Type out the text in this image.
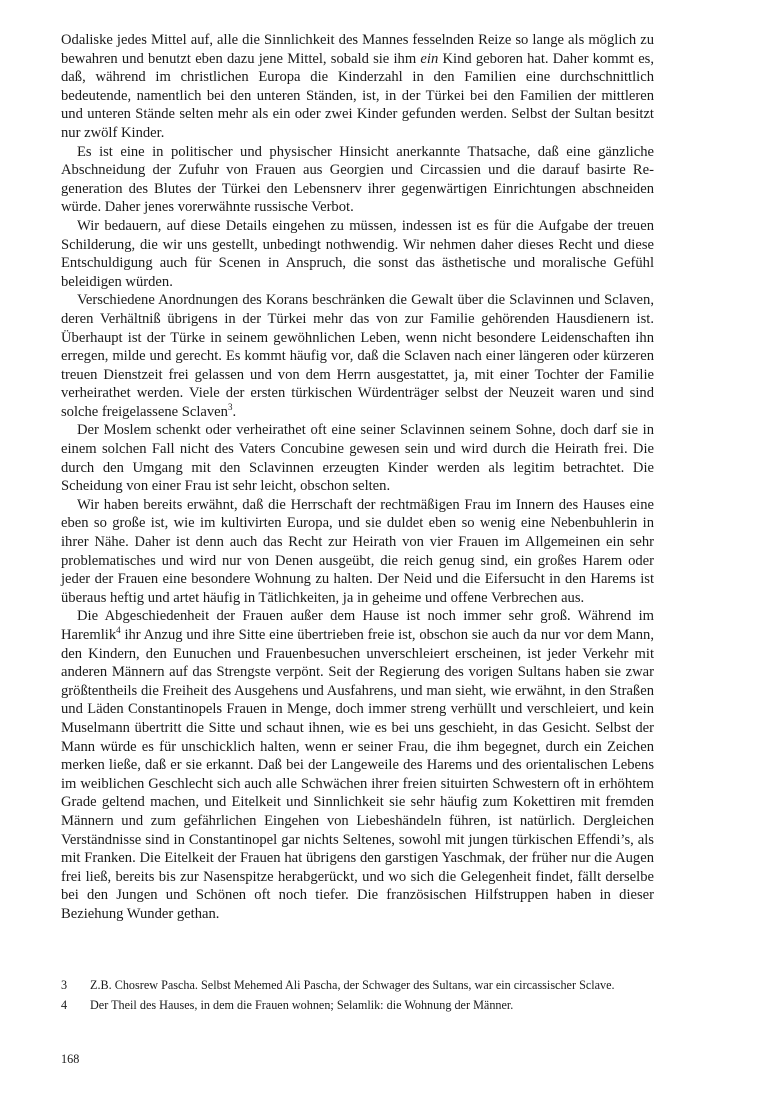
Odaliske jedes Mittel auf, alle die Sinnlichkeit des Mannes fesselnden Reize so lange als möglich zu bewahren und benutzt eben dazu jene Mittel, sobald sie ihm ein Kind geboren hat. Daher kommt es, daß, während im christlichen Europa die Kinderzahl in den Familien eine durchschnittlich bedeutende, namentlich bei den unteren Ständen, ist, in der Türkei bei den Familien der mittleren und unteren Stände selten mehr als ein oder zwei Kinder gefunden werden. Selbst der Sultan besitzt nur zwölf Kinder.

Es ist eine in politischer und physischer Hinsicht anerkannte Thatsache, daß eine gänzliche Abschneidung der Zufuhr von Frauen aus Georgien und Circassien und die darauf basirte Regeneration des Blutes der Türkei den Lebensnerv ihrer gegenwärtigen Einrichtungen abschneiden würde. Daher jenes vorerwähnte russische Verbot.

Wir bedauern, auf diese Details eingehen zu müssen, indessen ist es für die Aufgabe der treuen Schilderung, die wir uns gestellt, unbedingt nothwendig. Wir nehmen daher dieses Recht und diese Entschuldigung auch für Scenen in Anspruch, die sonst das ästhetische und moralische Gefühl beleidigen würden.

Verschiedene Anordnungen des Korans beschränken die Gewalt über die Sclavinnen und Sclaven, deren Verhältniß übrigens in der Türkei mehr das von zur Familie gehörenden Hausdienern ist. Überhaupt ist der Türke in seinem gewöhnlichen Leben, wenn nicht besondere Leidenschaften ihn erregen, milde und gerecht. Es kommt häufig vor, daß die Sclaven nach einer längeren oder kürzeren treuen Dienstzeit frei gelassen und von dem Herrn ausgestattet, ja, mit einer Tochter der Familie verheirathet werden. Viele der ersten türkischen Würdenträger selbst der Neuzeit waren und sind solche freigelassene Sclaven$^3$.

Der Moslem schenkt oder verheirathet oft eine seiner Sclavinnen seinem Sohne, doch darf sie in einem solchen Fall nicht des Vaters Concubine gewesen sein und wird durch die Heirath frei. Die durch den Umgang mit den Sclavinnen erzeugten Kinder werden als legitim betrachtet. Die Scheidung von einer Frau ist sehr leicht, obschon selten.

Wir haben bereits erwähnt, daß die Herrschaft der rechtmäßigen Frau im Innern des Hauses eine eben so große ist, wie im kultivirten Europa, und sie duldet eben so wenig eine Nebenbuhlerin in ihrer Nähe. Daher ist denn auch das Recht zur Heirath von vier Frauen im Allgemeinen ein sehr problematisches und wird nur von Denen ausgeübt, die reich genug sind, ein großes Harem oder jeder der Frauen eine besondere Wohnung zu halten. Der Neid und die Eifersucht in den Harems ist überaus heftig und artet häufig in Tätlichkeiten, ja in geheime und offene Verbrechen aus.

Die Abgeschiedenheit der Frauen außer dem Hause ist noch immer sehr groß. Während im Haremlik$^4$ ihr Anzug und ihre Sitte eine übertrieben freie ist, obschon sie auch da nur vor dem Mann, den Kindern, den Eunuchen und Frauenbesuchen unverschleiert erscheinen, ist jeder Verkehr mit anderen Männern auf das Strengste verpönt. Seit der Regierung des vorigen Sultans haben sie zwar größtentheils die Freiheit des Ausgehens und Ausfahrens, und man sieht, wie erwähnt, in den Straßen und Läden Constantinopels Frauen in Menge, doch immer streng verhüllt und verschleiert, und kein Muselmann übertritt die Sitte und schaut ihnen, wie es bei uns geschieht, in das Gesicht. Selbst der Mann würde es für unschicklich halten, wenn er seiner Frau, die ihm begegnet, durch ein Zeichen merken ließe, daß er sie erkannt. Daß bei der Langeweile des Harems und des orientalischen Lebens im weiblichen Geschlecht sich auch alle Schwächen ihrer freien situirten Schwestern oft in erhöhtem Grade geltend machen, und Eitelkeit und Sinnlichkeit sie sehr häufig zum Kokettiren mit fremden Männern und zum gefährlichen Eingehen von Liebeshändeln führen, ist natürlich. Dergleichen Verständnisse sind in Constantinopel gar nichts Seltenes, sowohl mit jungen türkischen Effendi’s, als mit Franken. Die Eitelkeit der Frauen hat übrigens den garstigen Yaschmak, der früher nur die Augen frei ließ, bereits bis zur Nasenspitze herabgerückt, und wo sich die Gelegenheit findet, fällt derselbe bei den Jungen und Schönen oft noch tiefer. Die französischen Hilfstruppen haben in dieser Beziehung Wunder gethan.

3	Z.B. Chosrew Pascha. Selbst Mehemed Ali Pascha, der Schwager des Sultans, war ein circassischer Sclave.
4	Der Theil des Hauses, in dem die Frauen wohnen; Selamlik: die Wohnung der Männer.
168
